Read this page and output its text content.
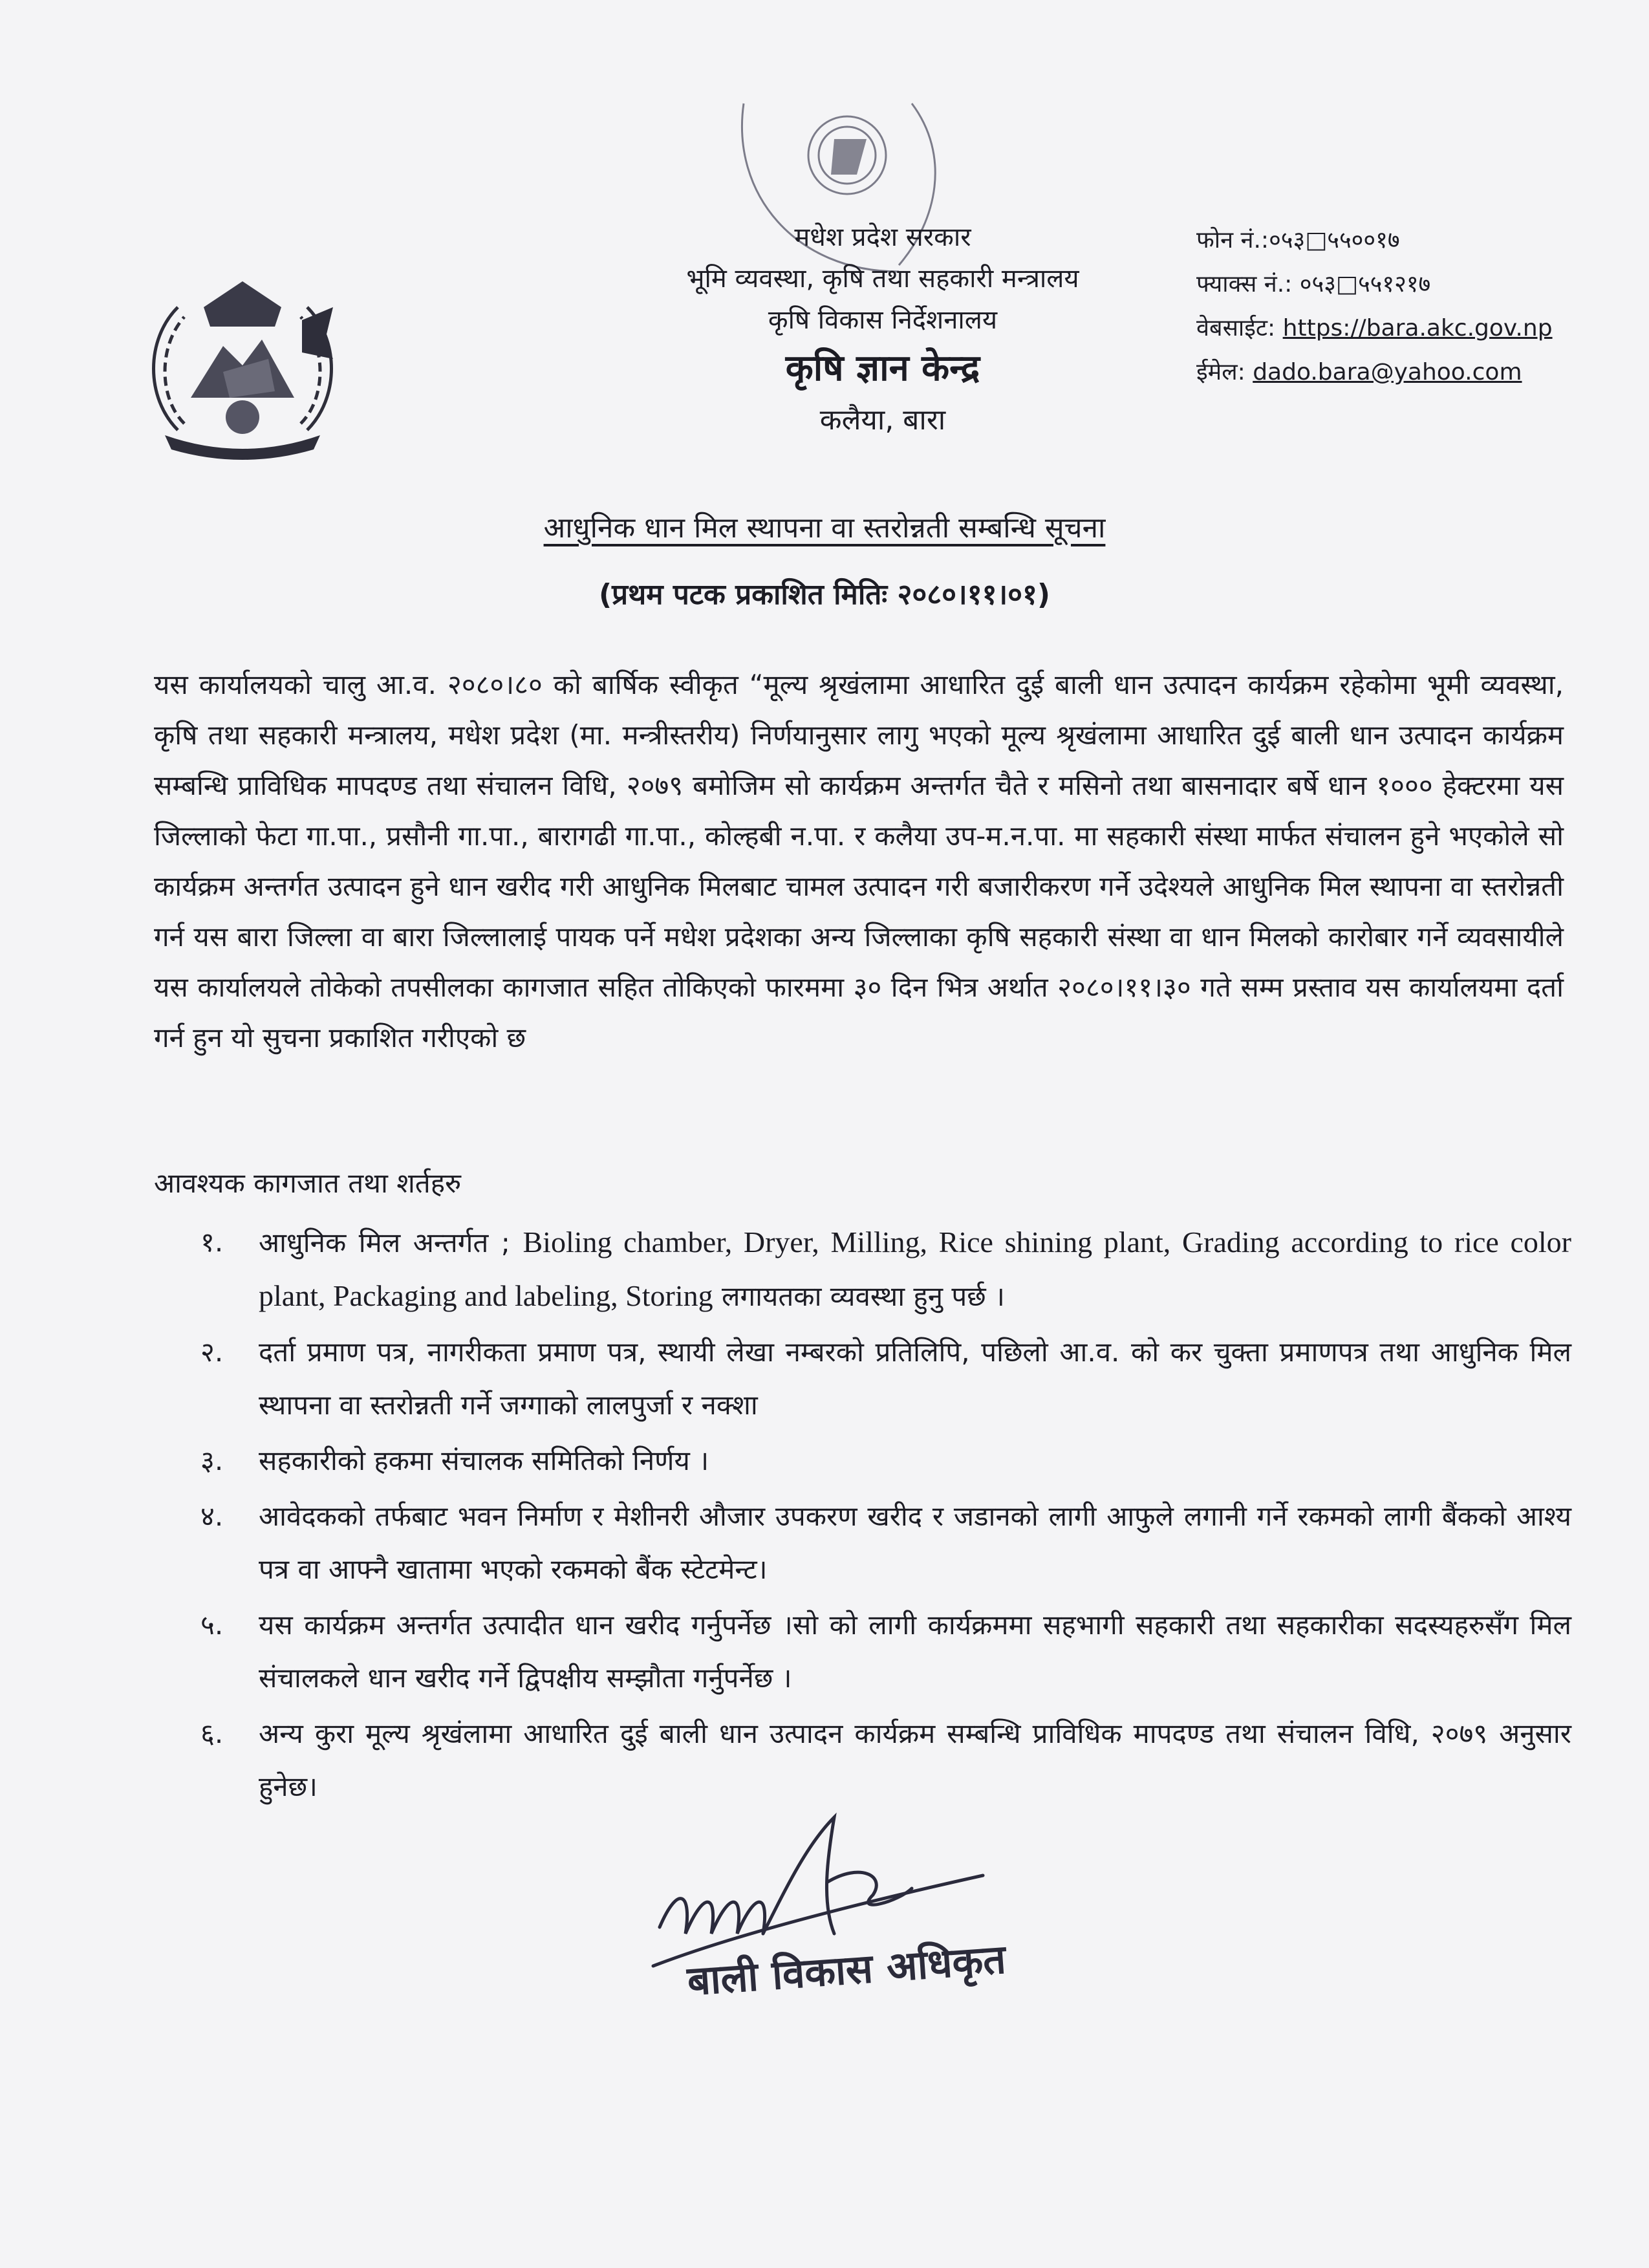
मधेश प्रदेश सरकार
भूमि व्यवस्था, कृषि तथा सहकारी मन्त्रालय
कृषि विकास निर्देशनालय
कृषि ज्ञान केन्द्र
कलैया, बारा
फोन नं.:०५३□५५००१७
फ्याक्स नं.: ०५३□५५१२१७
वेबसाईट: https://bara.akc.gov.np
ईमेल: dado.bara@yahoo.com
आधुनिक धान मिल स्थापना वा स्तरोन्नती सम्बन्धि सूचना
(प्रथम पटक प्रकाशित मितिः २०८०।११।०१)
यस कार्यालयको चालु आ.व. २०८०।८० को बार्षिक स्वीकृत “मूल्य श्रृखंलामा आधारित दुई बाली धान उत्पादन कार्यक्रम रहेकोमा भूमी व्यवस्था, कृषि तथा सहकारी मन्त्रालय, मधेश प्रदेश (मा. मन्त्रीस्तरीय) निर्णयानुसार लागु भएको मूल्य श्रृखंलामा आधारित दुई बाली धान उत्पादन कार्यक्रम सम्बन्धि प्राविधिक मापदण्ड तथा संचालन विधि, २०७९ बमोजिम सो कार्यक्रम अन्तर्गत चैते र मसिनो तथा बासनादार बर्षे धान १००० हेक्टरमा यस जिल्लाको फेटा गा.पा., प्रसौनी गा.पा., बारागढी गा.पा., कोल्हबी न.पा. र कलैया उप-म.न.पा. मा सहकारी संस्था मार्फत संचालन हुने भएकोले सो कार्यक्रम अन्तर्गत उत्पादन हुने धान खरीद गरी आधुनिक मिलबाट चामल उत्पादन गरी बजारीकरण गर्ने उदेश्यले आधुनिक मिल स्थापना वा स्तरोन्नती गर्न यस बारा जिल्ला वा बारा जिल्लालाई पायक पर्ने मधेश प्रदेशका अन्य जिल्लाका कृषि सहकारी संस्था वा धान मिलको कारोबार गर्ने व्यवसायीले यस कार्यालयले तोकेको तपसीलका कागजात सहित तोकिएको फारममा ३० दिन भित्र अर्थात २०८०।११।३० गते सम्म प्रस्ताव यस कार्यालयमा दर्ता गर्न हुन यो सुचना प्रकाशित गरीएको छ
आवश्यक कागजात तथा शर्तहरु
१.	आधुनिक मिल अन्तर्गत ; Bioling chamber, Dryer, Milling, Rice shining plant, Grading according to rice color plant, Packaging and labeling, Storing लगायतका व्यवस्था हुनु पर्छ ।
२.	दर्ता प्रमाण पत्र, नागरीकता प्रमाण पत्र, स्थायी लेखा नम्बरको प्रतिलिपि, पछिलो आ.व. को कर चुक्ता प्रमाणपत्र तथा आधुनिक मिल स्थापना वा स्तरोन्नती गर्ने जग्गाको लालपुर्जा र नक्शा
३.	सहकारीको हकमा संचालक समितिको निर्णय ।
४.	आवेदकको तर्फबाट भवन निर्माण र मेशीनरी औजार उपकरण खरीद र जडानको लागी आफुले लगानी गर्ने रकमको लागी बैंकको आश्य पत्र वा आफ्नै खातामा भएको रकमको बैंक स्टेटमेन्ट।
५.	यस कार्यक्रम अन्तर्गत उत्पादीत धान खरीद गर्नुपर्नेछ ।सो को लागी कार्यक्रममा सहभागी सहकारी तथा सहकारीका सदस्यहरुसँग मिल संचालकले धान खरीद गर्ने द्विपक्षीय सम्झौता गर्नुपर्नेछ ।
६.	अन्य कुरा मूल्य श्रृखंलामा आधारित दुई बाली धान उत्पादन कार्यक्रम सम्बन्धि प्राविधिक मापदण्ड तथा संचालन विधि, २०७९ अनुसार हुनेछ।
बाली विकास अधिकृत
